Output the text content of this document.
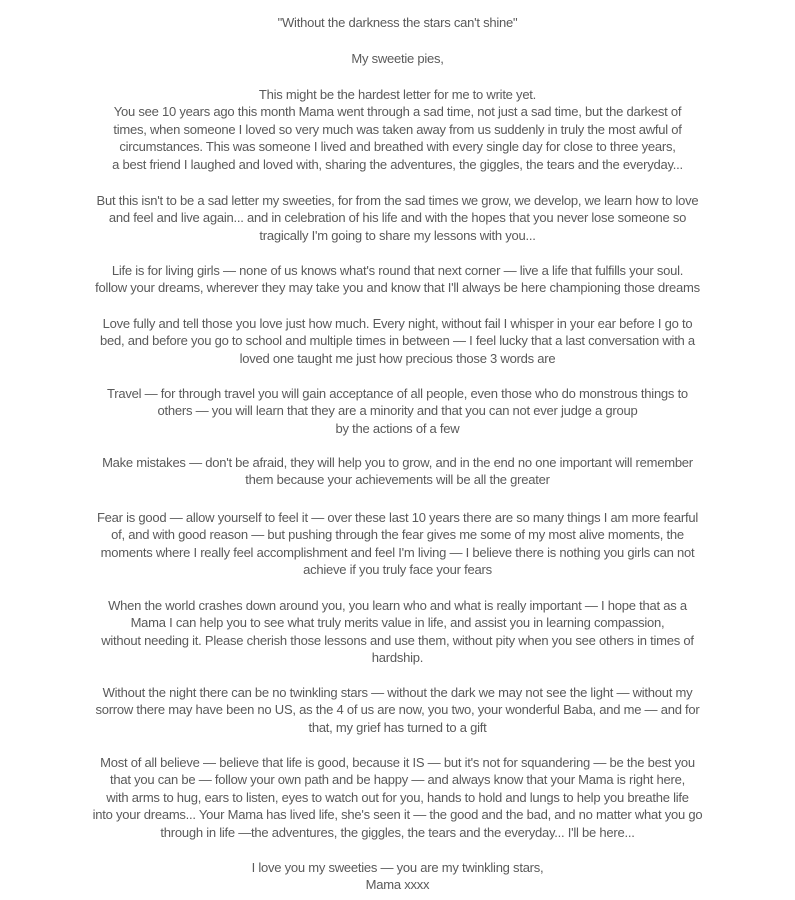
"Without the darkness the stars can't shine"
My sweetie pies,
I love you my sweeties — you are my twinkling stars,
Mama xxxx
This might be the hardest letter for me to write yet.
You see 10 years ago this month Mama went through a sad time, not just a sad time, but the darkest of
times, when someone I loved so very much was taken away from us suddenly in truly the most awful of
circumstances. This was someone I lived and breathed with every single day for close to three years,
a best friend I laughed and loved with, sharing the adventures, the giggles, the tears and the everyday...
But this isn't to be a sad letter my sweeties, for from the sad times we grow, we develop, we learn how to love
and feel and live again... and in celebration of his life and with the hopes that you never lose someone so
tragically I'm going to share my lessons with you...
Life is for living girls — none of us knows what's round that next corner — live a life that fulfills your soul.
follow your dreams, wherever they may take you and know that I'll always be here championing those dreams
Love fully and tell those you love just how much. Every night, without fail I whisper in your ear before I go to
bed, and before you go to school and multiple times in between — I feel lucky that a last conversation with a
loved one taught me just how precious those 3 words are
Travel — for through travel you will gain acceptance of all people, even those who do monstrous things to
others — you will learn that they are a minority and that you can not ever judge a group
by the actions of a few
Make mistakes — don't be afraid, they will help you to grow, and in the end no one important will remember
them because your achievements will be all the greater
Fear is good — allow yourself to feel it — over these last 10 years there are so many things I am more fearful
of, and with good reason — but pushing through the fear gives me some of my most alive moments, the
moments where I really feel accomplishment and feel I'm living — I believe there is nothing you girls can not
achieve if you truly face your fears
When the world crashes down around you, you learn who and what is really important — I hope that as a
Mama I can help you to see what truly merits value in life, and assist you in learning compassion,
without needing it. Please cherish those lessons and use them, without pity when you see others in times of
hardship.
Without the night there can be no twinkling stars — without the dark we may not see the light — without my
sorrow there may have been no US, as the 4 of us are now, you two, your wonderful Baba, and me — and for
that, my grief has turned to a gift
Most of all believe — believe that life is good, because it IS — but it's not for squandering — be the best you
that you can be — follow your own path and be happy — and always know that your Mama is right here,
with arms to hug, ears to listen, eyes to watch out for you, hands to hold and lungs to help you breathe life
into your dreams... Your Mama has lived life, she's seen it — the good and the bad, and no matter what you go
through in life —the adventures, the giggles, the tears and the everyday... I'll be here...
